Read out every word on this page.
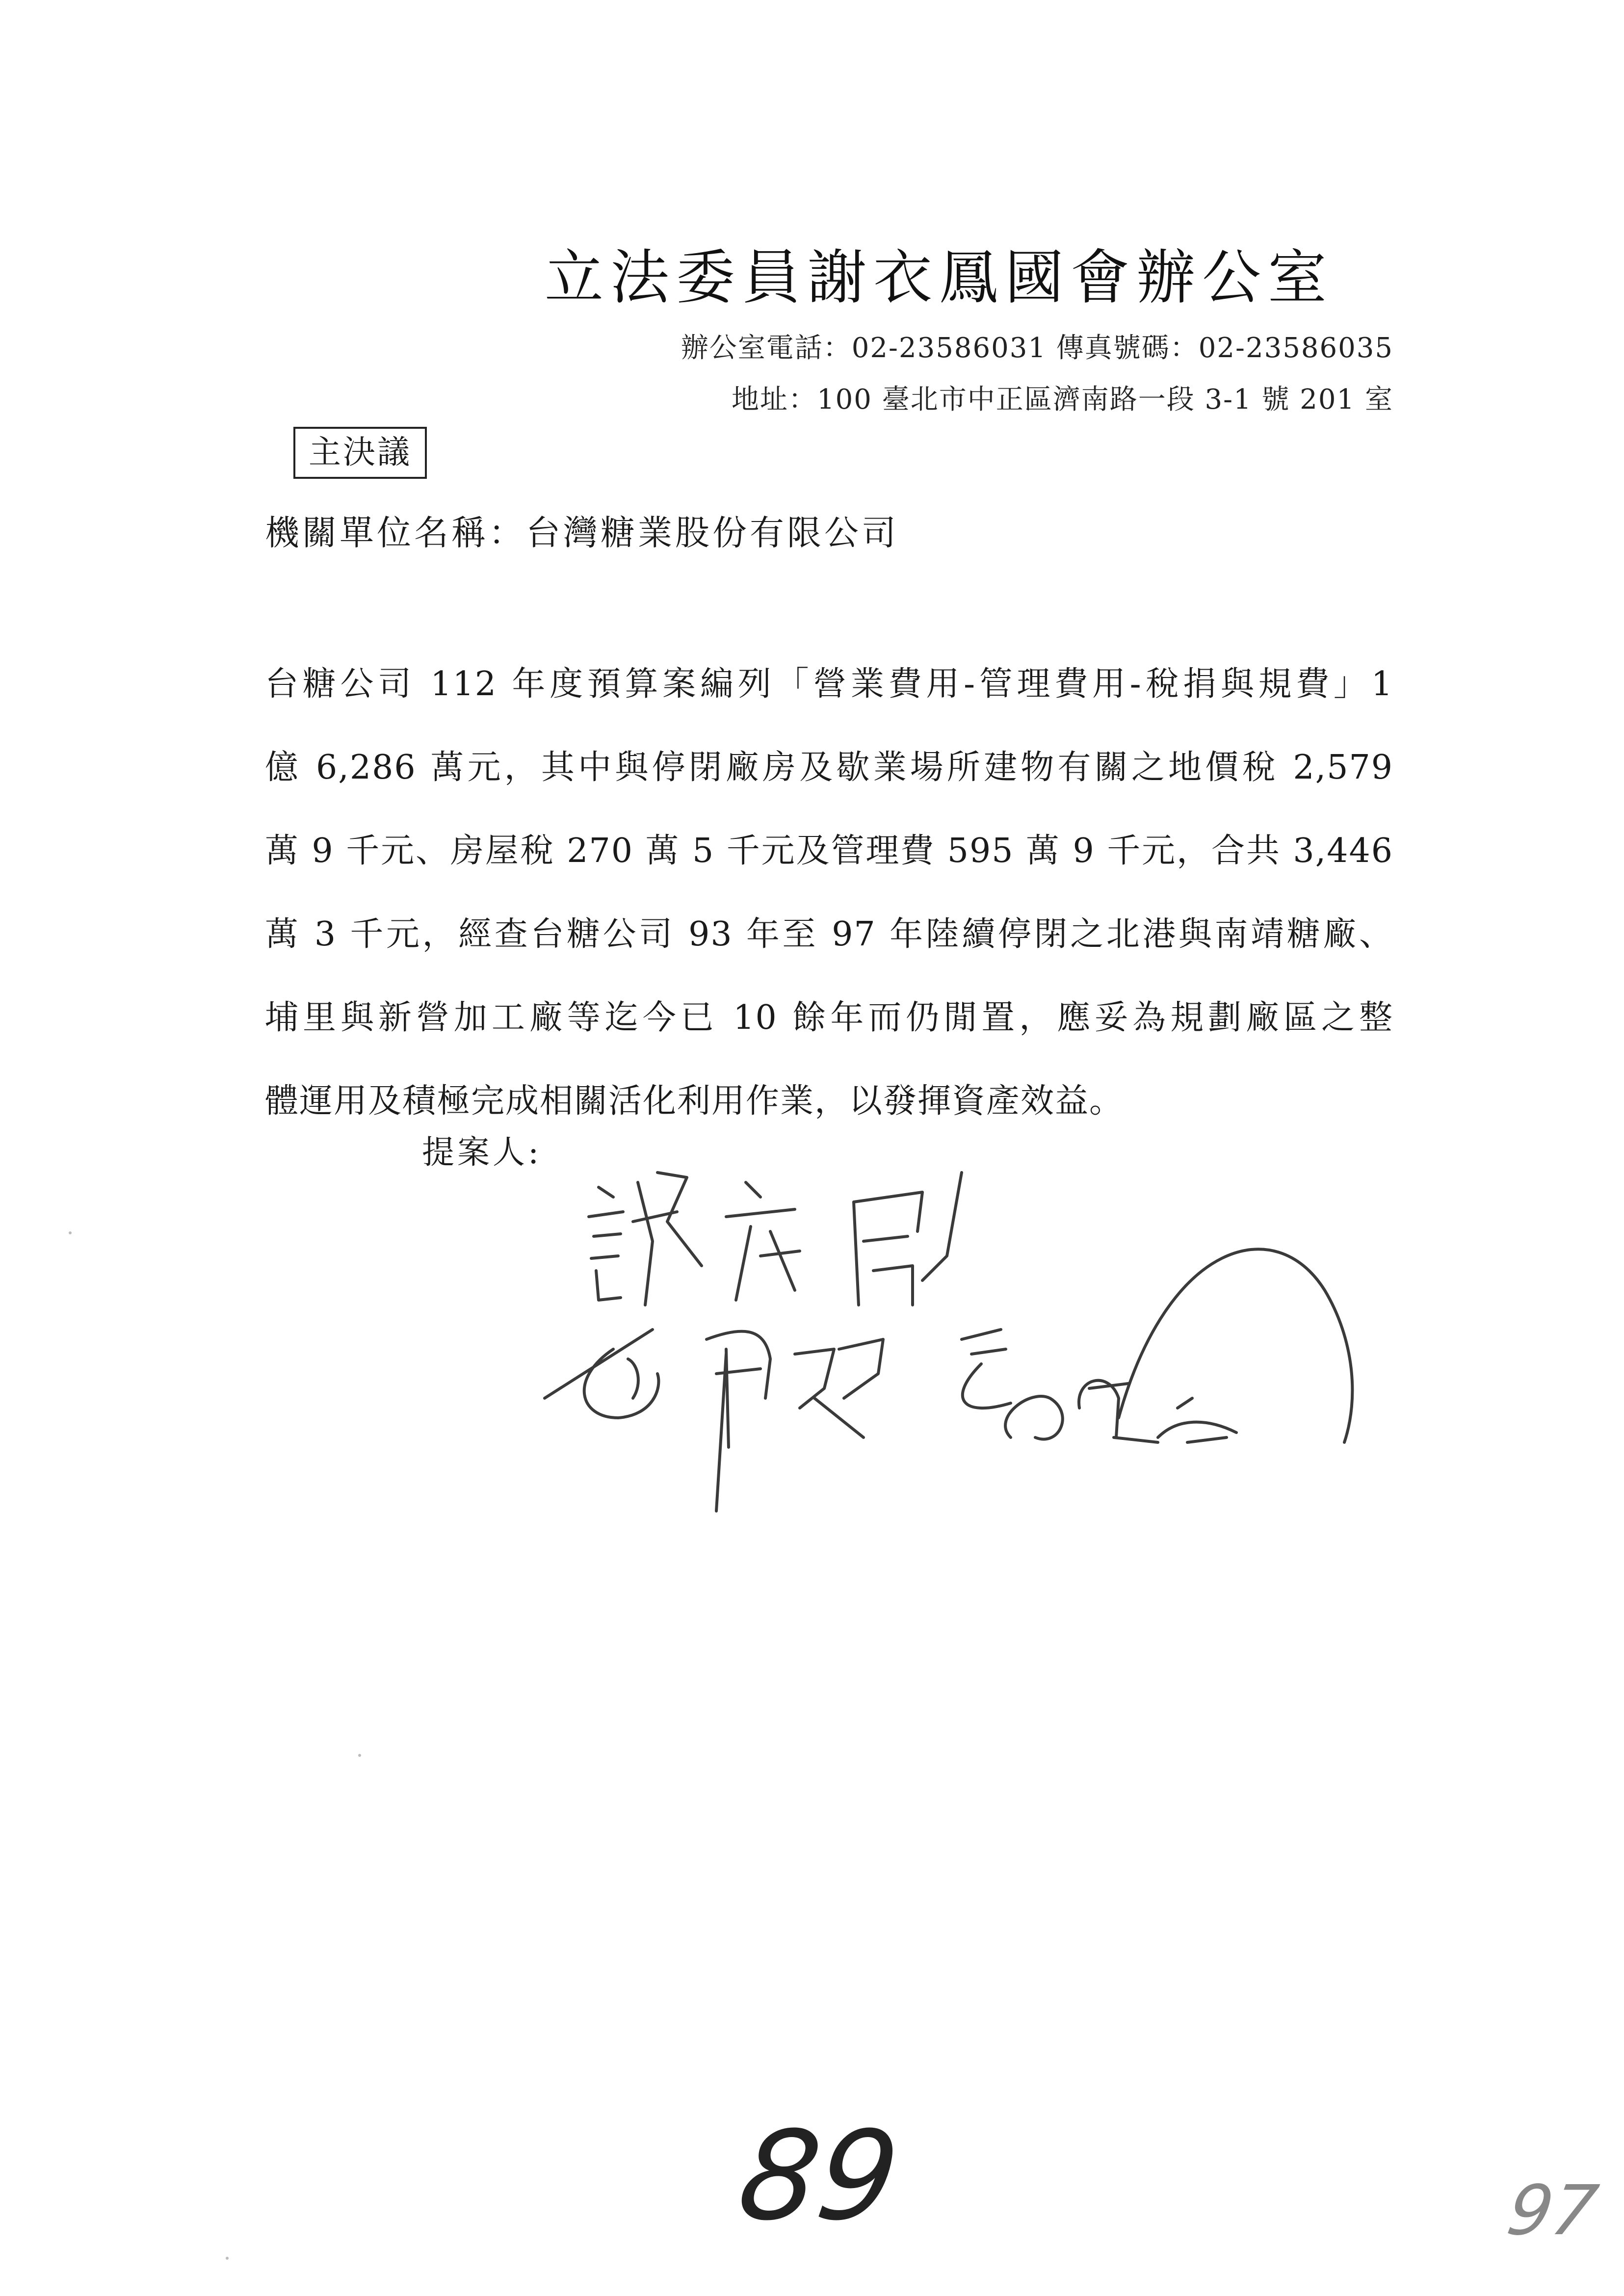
立法委員謝衣鳳國會辦公室
辦公室電話：02-23586031 傳真號碼：02-23586035
地址：100 臺北市中正區濟南路一段 3-1 號 201 室
主決議
機關單位名稱：台灣糖業股份有限公司
台糖公司 112 年度預算案編列「營業費用-管理費用-稅捐與規費」1
億 6,286 萬元，其中與停閉廠房及歇業場所建物有關之地價稅 2,579
萬 9 千元、房屋稅 270 萬 5 千元及管理費 595 萬 9 千元，合共 3,446
萬 3 千元，經查台糖公司 93 年至 97 年陸續停閉之北港與南靖糖廠、
埔里與新營加工廠等迄今已 10 餘年而仍閒置，應妥為規劃廠區之整
體運用及積極完成相關活化利用作業，以發揮資產效益。
提案人:
89	97
